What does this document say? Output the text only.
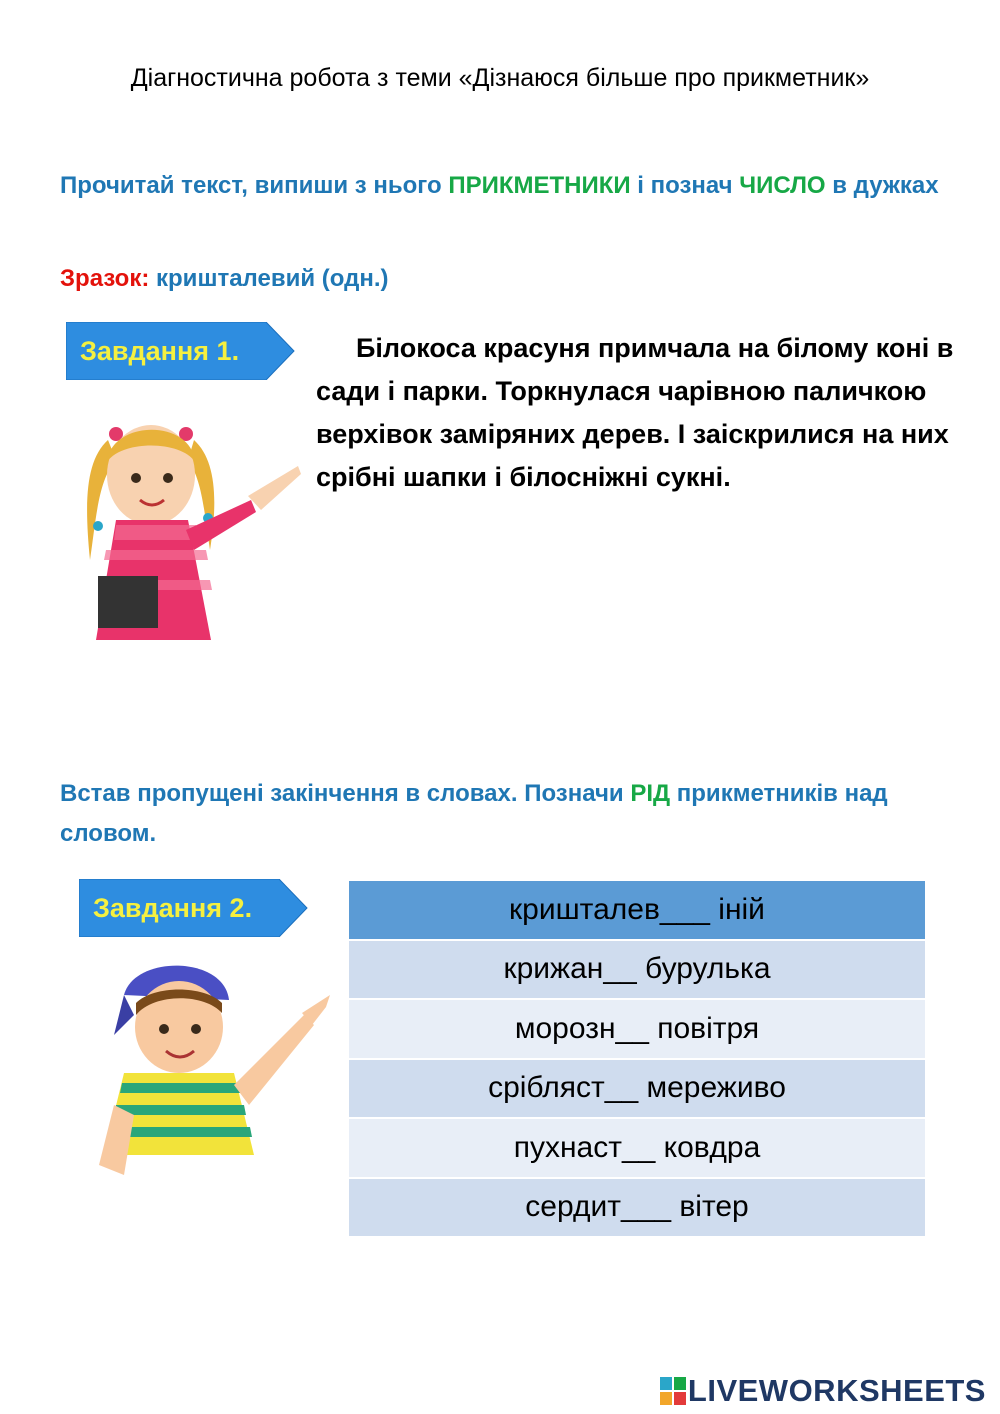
Діагностична робота з теми «Дізнаюся більше про прикметник»
Прочитай текст, випиши з нього ПРИКМЕТНИКИ і познач ЧИСЛО в дужках
Зразок: кришталевий (одн.)
Завдання 1.	Білокоса красуня примчала на білому коні в сади і парки. Торкнулася чарівною паличкою верхівок заміряних дерев. І заіскрилися на них срібні шапки і білосніжні сукні.

Встав пропущені закінчення в словах. Позначи РІД прикметників над словом.
Завдання 2.	кришталев___ іній
крижан__ бурулька
морозн__ повітря
срібляст__ мереживо
пухнаст__ ковдра
сердит___ вітер
LIVEWORKSHEETS
